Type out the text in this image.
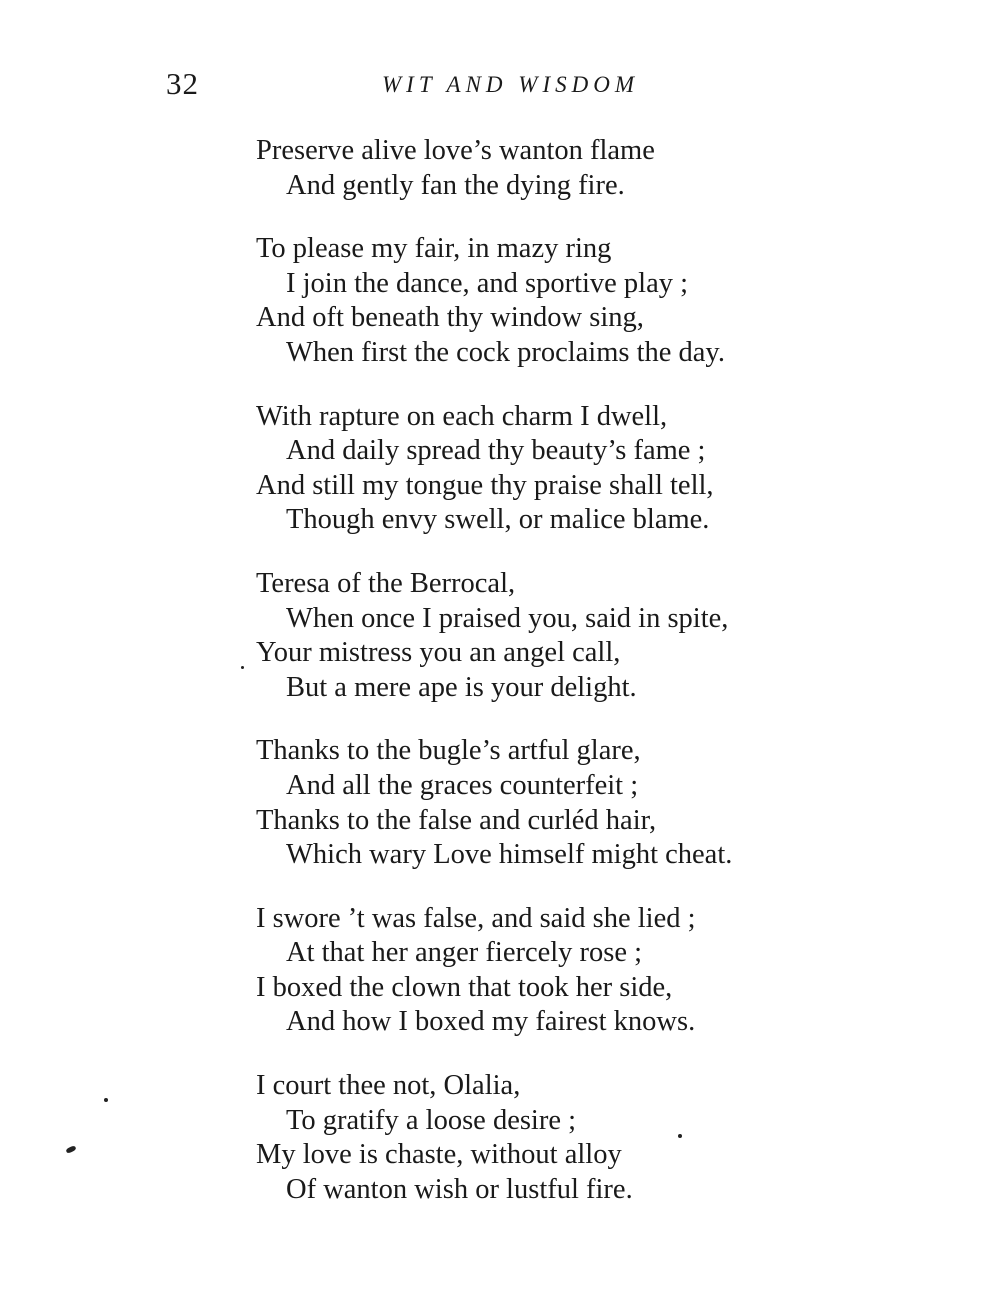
32	WIT AND WISDOM
Preserve alive love’s wanton flame
And gently fan the dying fire.
To please my fair, in mazy ring
I join the dance, and sportive play ;
And oft beneath thy window sing,
When first the cock proclaims the day.
With rapture on each charm I dwell,
And daily spread thy beauty’s fame ;
And still my tongue thy praise shall tell,
Though envy swell, or malice blame.
Teresa of the Berrocal,
When once I praised you, said in spite,
Your mistress you an angel call,
But a mere ape is your delight.
Thanks to the bugle’s artful glare,
And all the graces counterfeit ;
Thanks to the false and curléd hair,
Which wary Love himself might cheat.
I swore ’t was false, and said she lied ;
At that her anger fiercely rose ;
I boxed the clown that took her side,
And how I boxed my fairest knows.
I court thee not, Olalia,
To gratify a loose desire ;
My love is chaste, without alloy
Of wanton wish or lustful fire.
